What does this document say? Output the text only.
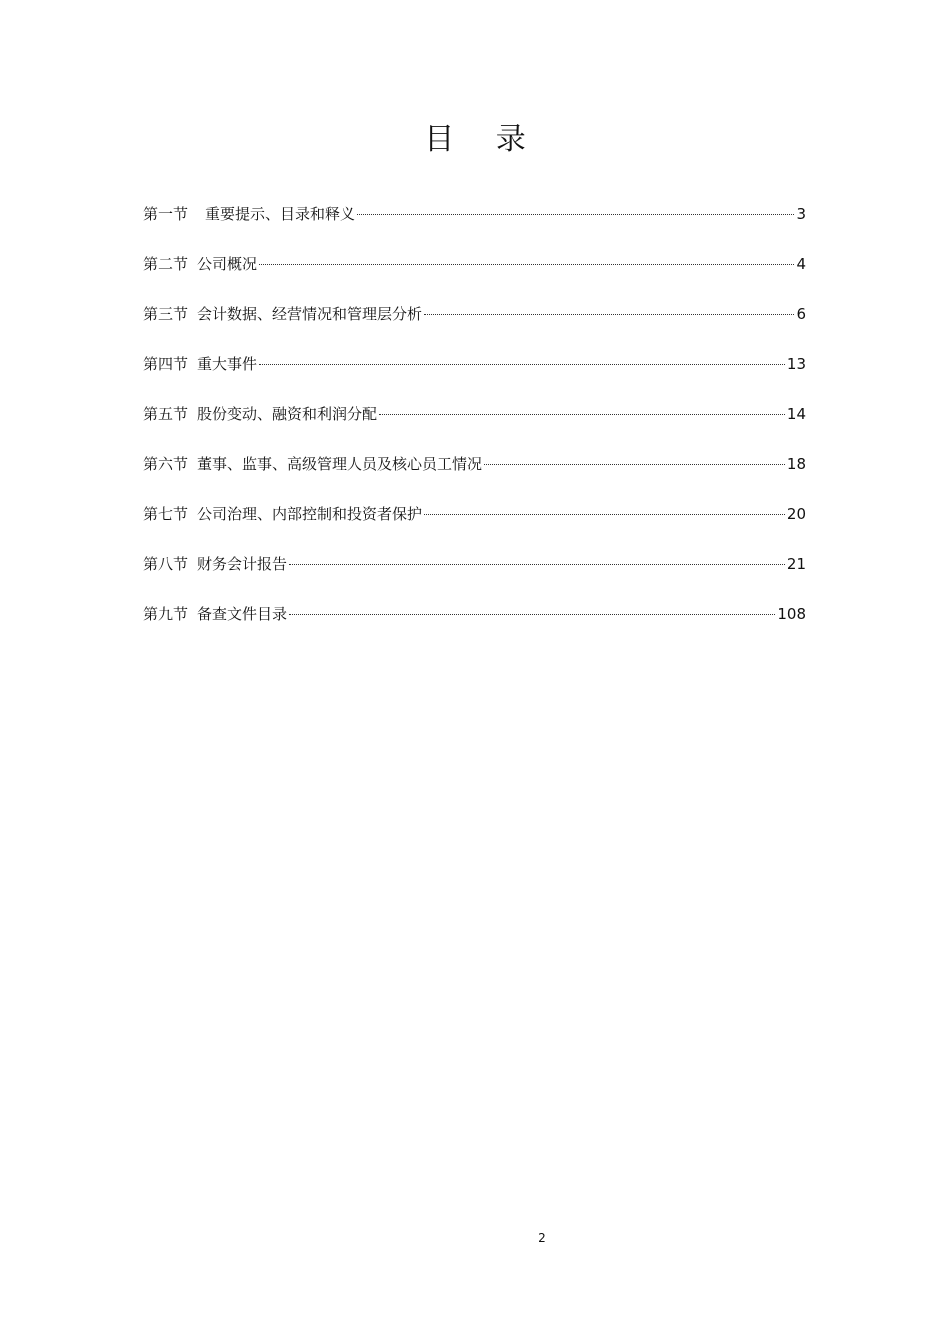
目 录
第一节 重要提示、目录和释义	3
第二节 公司概况	4
第三节 会计数据、经营情况和管理层分析	6
第四节 重大事件	13
第五节 股份变动、融资和利润分配	14
第六节 董事、监事、高级管理人员及核心员工情况	18
第七节 公司治理、内部控制和投资者保护	20
第八节 财务会计报告	21
第九节 备查文件目录	108
2
